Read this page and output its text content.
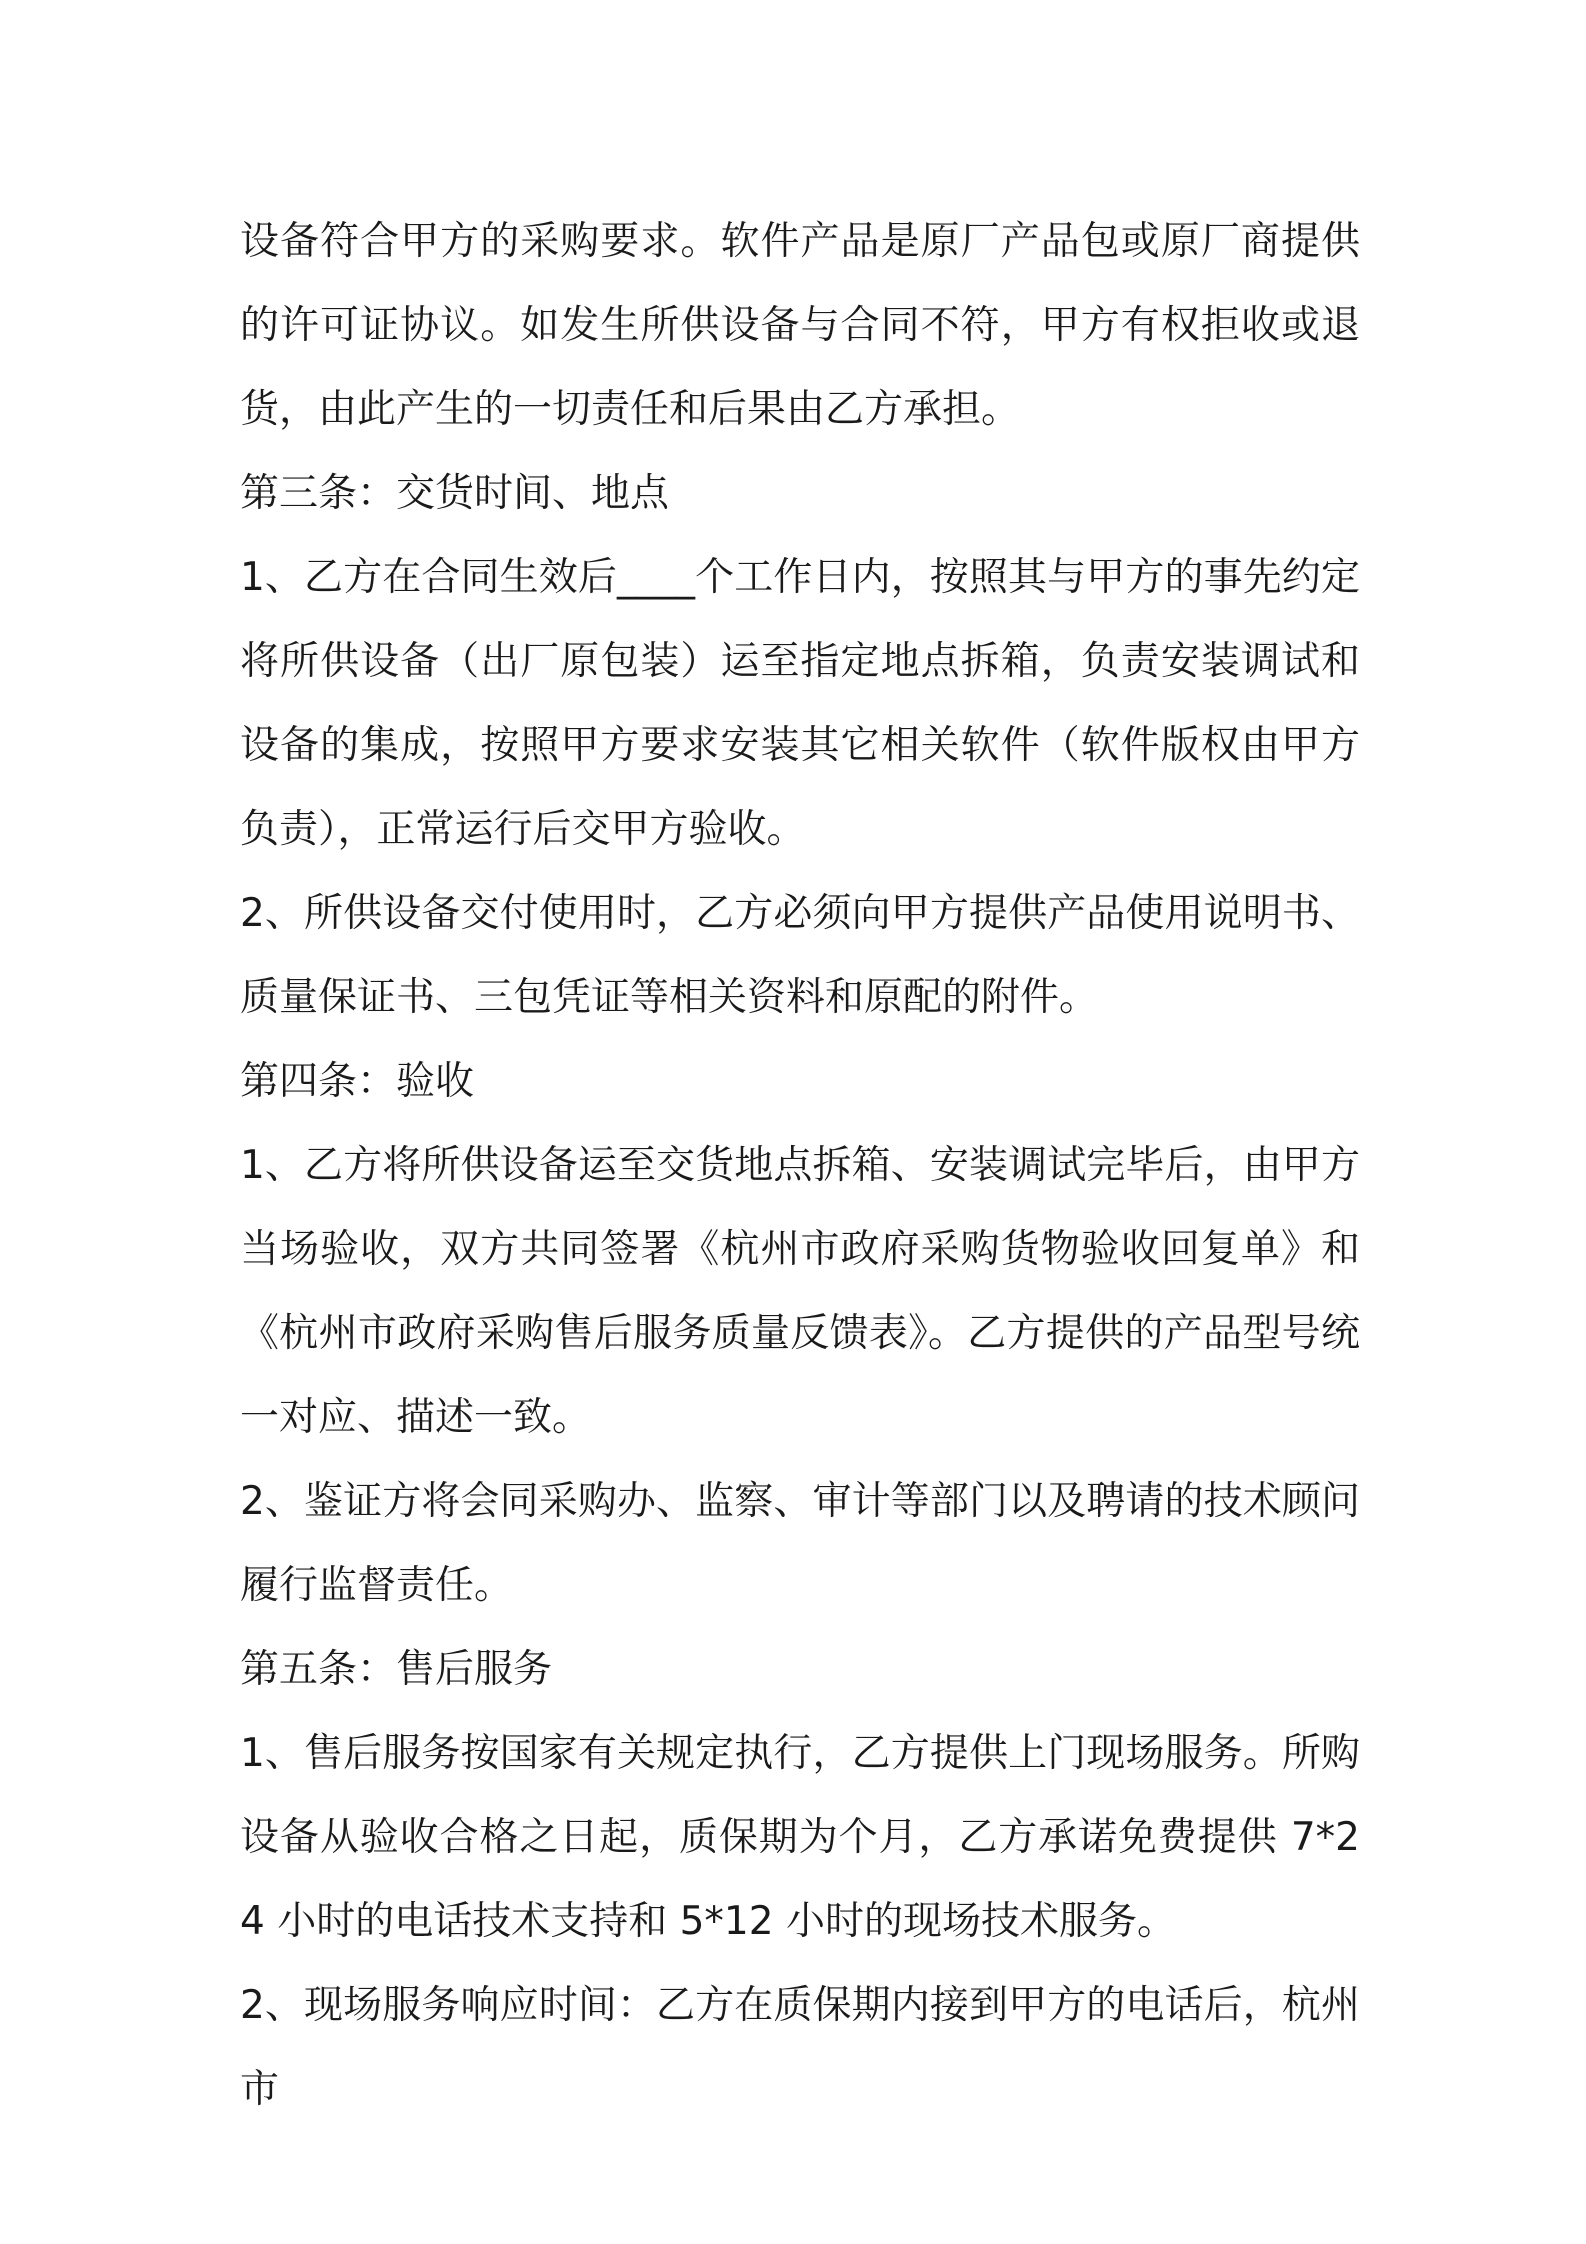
设备符合甲方的采购要求。软件产品是原厂产品包或原厂商提供的许可证协议。如发生所供设备与合同不符，甲方有权拒收或退货，由此产生的一切责任和后果由乙方承担。

第三条：交货时间、地点

1、乙方在合同生效后____个工作日内，按照其与甲方的事先约定将所供设备（出厂原包装）运至指定地点拆箱，负责安装调试和设备的集成，按照甲方要求安装其它相关软件（软件版权由甲方负责），正常运行后交甲方验收。

2、所供设备交付使用时，乙方必须向甲方提供产品使用说明书、质量保证书、三包凭证等相关资料和原配的附件。

第四条：验收

1、乙方将所供设备运至交货地点拆箱、安装调试完毕后，由甲方当场验收，双方共同签署《杭州市政府采购货物验收回复单》和《杭州市政府采购售后服务质量反馈表》。乙方提供的产品型号统一对应、描述一致。

2、鉴证方将会同采购办、监察、审计等部门以及聘请的技术顾问履行监督责任。

第五条：售后服务

1、售后服务按国家有关规定执行，乙方提供上门现场服务。所购设备从验收合格之日起，质保期为个月，乙方承诺免费提供 7*24 小时的电话技术支持和 5*12 小时的现场技术服务。

2、现场服务响应时间：乙方在质保期内接到甲方的电话后，杭州市
